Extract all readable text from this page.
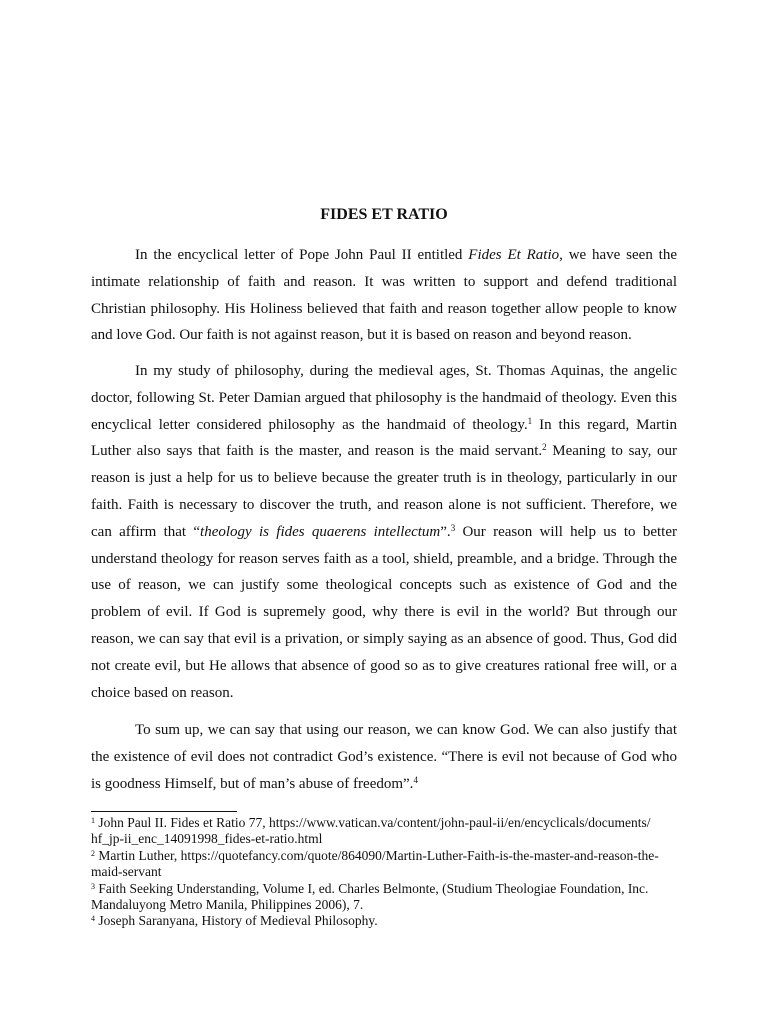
FIDES ET RATIO

In the encyclical letter of Pope John Paul II entitled Fides Et Ratio, we have seen the intimate relationship of faith and reason. It was written to support and defend traditional Christian philosophy. His Holiness believed that faith and reason together allow people to know and love God. Our faith is not against reason, but it is based on reason and beyond reason.

In my study of philosophy, during the medieval ages, St. Thomas Aquinas, the angelic doctor, following St. Peter Damian argued that philosophy is the handmaid of theology. Even this encyclical letter considered philosophy as the handmaid of theology.$^1$ In this regard, Martin Luther also says that faith is the master, and reason is the maid servant.$^2$ Meaning to say, our reason is just a help for us to believe because the greater truth is in theology, particularly in our faith. Faith is necessary to discover the truth, and reason alone is not sufficient. Therefore, we can affirm that “theology is fides quaerens intellectum”.$^3$ Our reason will help us to better understand theology for reason serves faith as a tool, shield, preamble, and a bridge. Through the use of reason, we can justify some theological concepts such as existence of God and the problem of evil. If God is supremely good, why there is evil in the world? But through our reason, we can say that evil is a privation, or simply saying as an absence of good. Thus, God did not create evil, but He allows that absence of good so as to give creatures rational free will, or a choice based on reason.

To sum up, we can say that using our reason, we can know God. We can also justify that the existence of evil does not contradict God’s existence. “There is evil not because of God who is goodness Himself, but of man’s abuse of freedom”.$^4$

$^1$ John Paul II. Fides et Ratio 77, https://www.vatican.va/content/john-paul-ii/en/encyclicals/documents/
hf_jp-ii_enc_14091998_fides-et-ratio.html

$^2$ Martin Luther, https://quotefancy.com/quote/864090/Martin-Luther-Faith-is-the-master-and-reason-the-
maid-servant

$^3$ Faith Seeking Understanding, Volume I, ed. Charles Belmonte, (Studium Theologiae Foundation, Inc.
Mandaluyong Metro Manila, Philippines 2006), 7.

$^4$ Joseph Saranyana, History of Medieval Philosophy.
